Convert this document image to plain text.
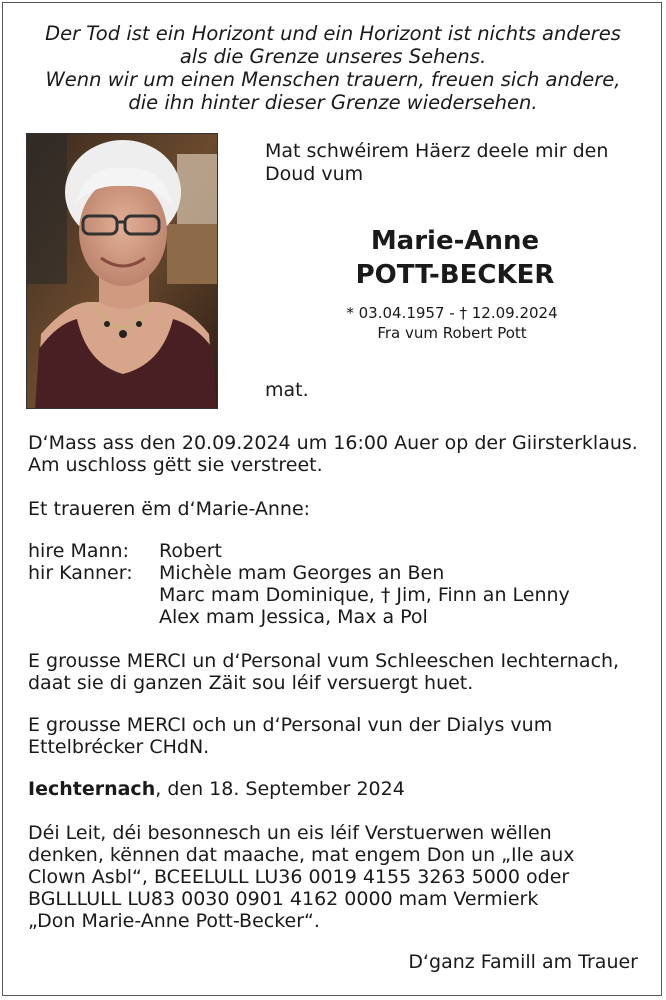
Der Tod ist ein Horizont und ein Horizont ist nichts anderes
als die Grenze unseres Sehens.
Wenn wir um einen Menschen trauern, freuen sich andere,
die ihn hinter dieser Grenze wiedersehen.
Mat schwéirem Häerz deele mir den
Doud vum
Marie-Anne
POTT-BECKER
* 03.04.1957 - † 12.09.2024
Fra vum Robert Pott
mat.
D‘Mass ass den 20.09.2024 um 16:00 Auer op der Giirsterklaus.
Am uschloss gëtt sie verstreet.
Et traueren ëm d‘Marie-Anne:
hire Mann:	Robert
hir Kanner:	Michèle mam Georges an Ben
Marc mam Dominique, † Jim, Finn an Lenny
Alex mam Jessica, Max a Pol
E grousse MERCI un d‘Personal vum Schleeschen Iechternach,
daat sie di ganzen Zäit sou léif versuergt huet.
E grousse MERCI och un d‘Personal vun der Dialys vum
Ettelbrécker CHdN.
Iechternach, den 18. September 2024
Déi Leit, déi besonnesch un eis léif Verstuerwen wëllen
denken, kënnen dat maache, mat engem Don un „Ile aux
Clown Asbl“, BCEELULL LU36 0019 4155 3263 5000 oder
BGLLLULL LU83 0030 0901 4162 0000 mam Vermierk
„Don Marie-Anne Pott-Becker“.
D‘ganz Famill am Trauer
